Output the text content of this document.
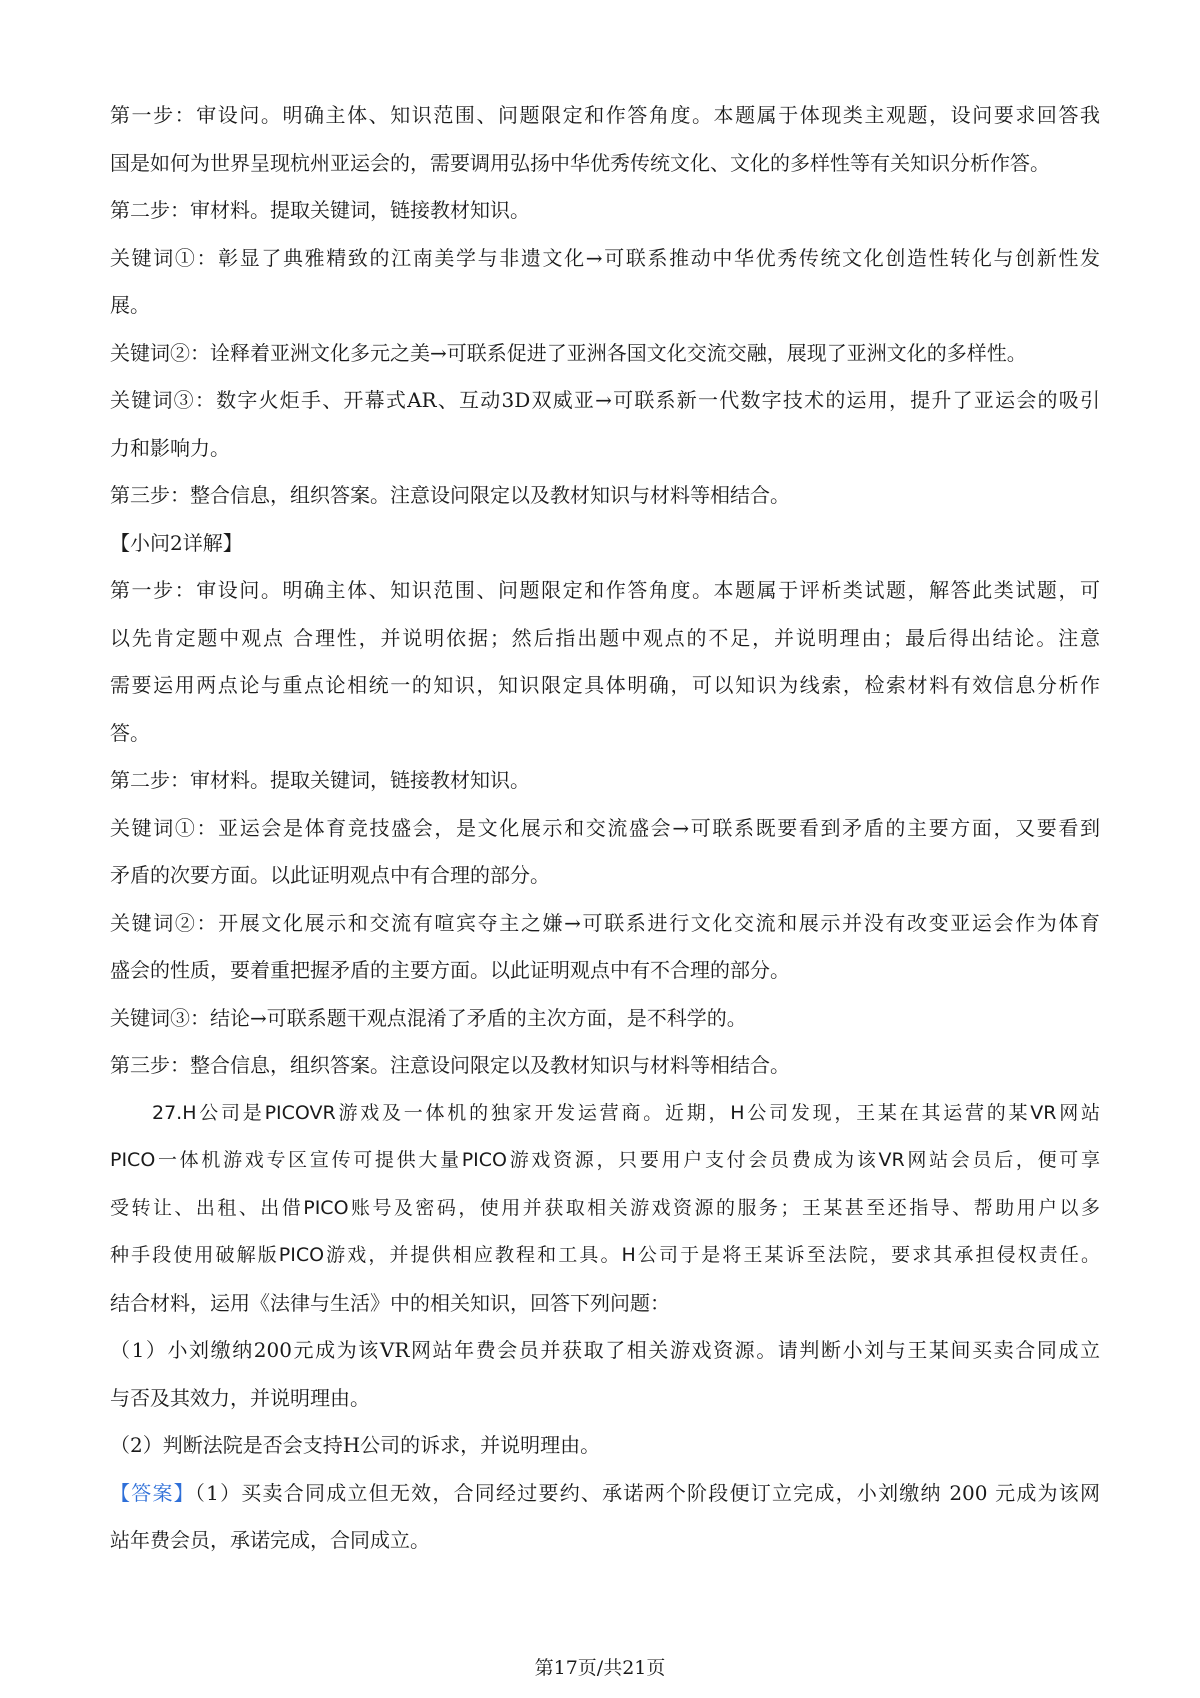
第一步：审设问。明确主体、知识范围、问题限定和作答角度。本题属于体现类主观题，设问要求回答我
国是如何为世界呈现杭州亚运会的，需要调用弘扬中华优秀传统文化、文化的多样性等有关知识分析作答。
第二步：审材料。提取关键词，链接教材知识。
关键词①：彰显了典雅精致的江南美学与非遗文化→可联系推动中华优秀传统文化创造性转化与创新性发
展。
关键词②：诠释着亚洲文化多元之美→可联系促进了亚洲各国文化交流交融，展现了亚洲文化的多样性。
关键词③：数字火炬手、开幕式AR、互动3D双威亚→可联系新一代数字技术的运用，提升了亚运会的吸引
力和影响力。
第三步：整合信息，组织答案。注意设问限定以及教材知识与材料等相结合。
【小问2详解】
第一步：审设问。明确主体、知识范围、问题限定和作答角度。本题属于评析类试题，解答此类试题，可
以先肯定题中观点 合理性，并说明依据；然后指出题中观点的不足，并说明理由；最后得出结论。注意
需要运用两点论与重点论相统一的知识，知识限定具体明确，可以知识为线索，检索材料有效信息分析作
答。
第二步：审材料。提取关键词，链接教材知识。
关键词①：亚运会是体育竞技盛会，是文化展示和交流盛会→可联系既要看到矛盾的主要方面，又要看到
矛盾的次要方面。以此证明观点中有合理的部分。
关键词②：开展文化展示和交流有喧宾夺主之嫌→可联系进行文化交流和展示并没有改变亚运会作为体育
盛会的性质，要着重把握矛盾的主要方面。以此证明观点中有不合理的部分。
关键词③：结论→可联系题干观点混淆了矛盾的主次方面，是不科学的。
第三步：整合信息，组织答案。注意设问限定以及教材知识与材料等相结合。
27.H公司是PICOVR游戏及一体机的独家开发运营商。近期，H公司发现，王某在其运营的某VR网站
PICO一体机游戏专区宣传可提供大量PICO游戏资源，只要用户支付会员费成为该VR网站会员后，便可享
受转让、出租、出借PICO账号及密码，使用并获取相关游戏资源的服务；王某甚至还指导、帮助用户以多
种手段使用破解版PICO游戏，并提供相应教程和工具。H公司于是将王某诉至法院，要求其承担侵权责任。
结合材料，运用《法律与生活》中的相关知识，回答下列问题：
（1）小刘缴纳200元成为该VR网站年费会员并获取了相关游戏资源。请判断小刘与王某间买卖合同成立
与否及其效力，并说明理由。
（2）判断法院是否会支持H公司的诉求，并说明理由。
【答案】（1）买卖合同成立但无效，合同经过要约、承诺两个阶段便订立完成，小刘缴纳 200 元成为该网
站年费会员，承诺完成，合同成立。
第17页/共21页
